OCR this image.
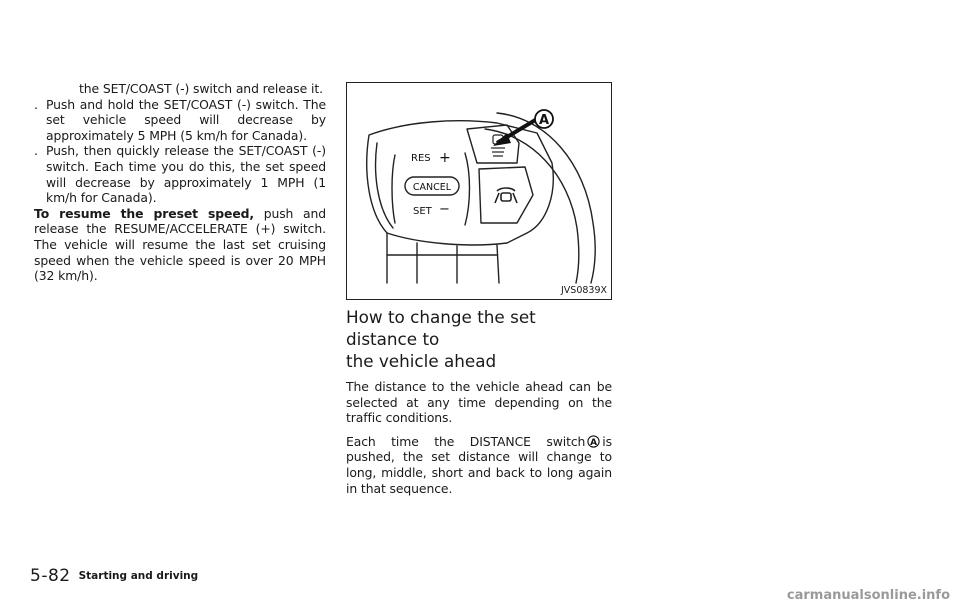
the SET/COAST (-) switch and release it.
. Push and hold the SET/COAST (-) switch. The set vehicle speed will decrease by approximately 5 MPH (5 km/h for Canada).
. Push, then quickly release the SET/COAST (-) switch. Each time you do this, the set speed will decrease by approximately 1 MPH (1 km/h for Canada).

To resume the preset speed, push and release the RESUME/ACCELERATE (+) switch. The vehicle will resume the last set cruising speed when the vehicle speed is over 20 MPH (32 km/h).

A
RES +
CANCEL
SET −
JVS0839X
How to change the set distance to
the vehicle ahead

The distance to the vehicle ahead can be selected at any time depending on the traffic conditions.

Each time the DISTANCE switch A is pushed, the set distance will change to long, middle, short and back to long again in that sequence.

5-82 Starting and driving
carmanualsonline.info
